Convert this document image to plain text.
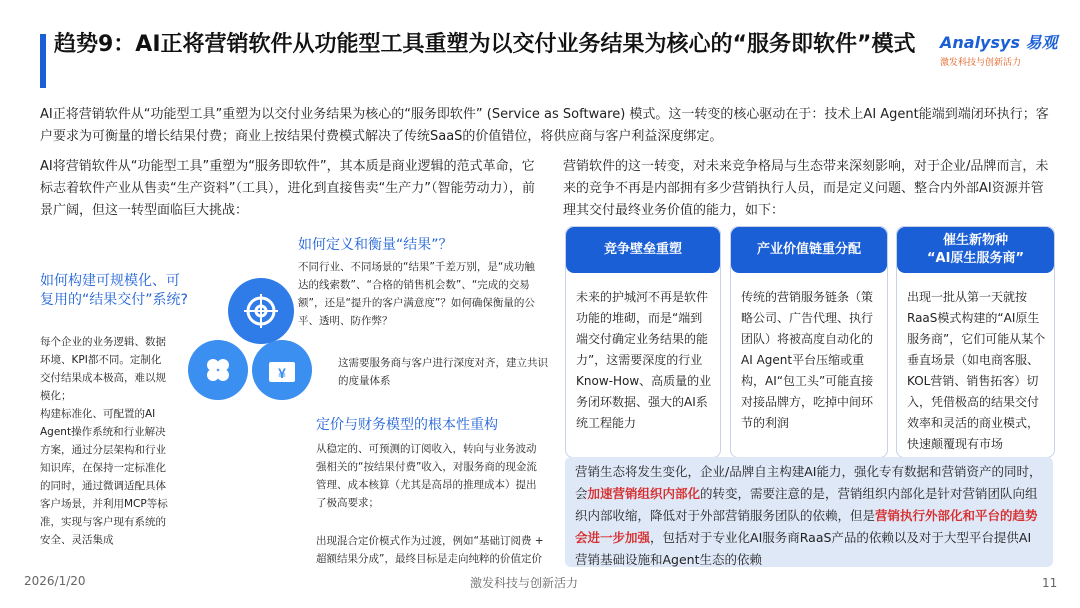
趋势9：AI正将营销软件从功能型工具重塑为以交付业务结果为核心的“服务即软件”模式	Analysys 易观
激发科技与创新活力
AI正将营销软件从“功能型工具”重塑为以交付业务结果为核心的“服务即软件” (Service as Software) 模式。这一转变的核心驱动在于：技术上AI Agent能端到端闭环执行；客户要求为可衡量的增长结果付费；商业上按结果付费模式解决了传统SaaS的价值错位，将供应商与客户利益深度绑定。
AI将营销软件从“功能型工具”重塑为“服务即软件”，其本质是商业逻辑的范式革命，它标志着软件产业从售卖“生产资料”（工具），进化到直接售卖“生产力”（智能劳动力），前景广阔，但这一转型面临巨大挑战：
如何构建可规模化、可复用的“结果交付”系统?
每个企业的业务逻辑、数据环境、KPI都不同。定制化交付结果成本极高，难以规模化；
构建标准化、可配置的AI Agent操作系统和行业解决方案，通过分层架构和行业知识库，在保持一定标准化的同时，通过微调适配具体客户场景，并利用MCP等标准，实现与客户现有系统的安全、灵活集成
¥
如何定义和衡量“结果”？
不同行业、不同场景的“结果”千差万别，是“成功触达的线索数”、“合格的销售机会数”、“完成的交易额”，还是“提升的客户满意度”？如何确保衡量的公平、透明、防作弊？
这需要服务商与客户进行深度对齐，建立共识的度量体系
定价与财务模型的根本性重构
从稳定的、可预测的订阅收入，转向与业务波动强相关的“按结果付费”收入，对服务商的现金流管理、成本核算（尤其是高昂的推理成本）提出了极高要求；
出现混合定价模式作为过渡，例如“基础订阅费 + 超额结果分成”，最终目标是走向纯粹的价值定价
营销软件的这一转变，对未来竞争格局与生态带来深刻影响，对于企业/品牌而言，未来的竞争不再是内部拥有多少营销执行人员，而是定义问题、整合内外部AI资源并管理其交付最终业务价值的能力，如下：
竞争壁垒重塑
未来的护城河不再是软件功能的堆砌，而是“端到端交付确定业务结果的能力”，这需要深度的行业Know-How、高质量的业务闭环数据、强大的AI系统工程能力
产业价值链重分配
传统的营销服务链条（策略公司、广告代理、执行团队）将被高度自动化的AI Agent平台压缩或重构，AI“包工头”可能直接对接品牌方，吃掉中间环节的利润
催生新物种
“AI原生服务商”
出现一批从第一天就按RaaS模式构建的“AI原生服务商”，它们可能从某个垂直场景（如电商客服、KOL营销、销售拓客）切入，凭借极高的结果交付效率和灵活的商业模式，快速颠覆现有市场
营销生态将发生变化，企业/品牌自主构建AI能力，强化专有数据和营销资产的同时，会加速营销组织内部化的转变，需要注意的是，营销组织内部化是针对营销团队向组织内部收缩，降低对于外部营销服务团队的依赖，但是营销执行外部化和平台的趋势会进一步加强，包括对于专业化AI服务商RaaS产品的依赖以及对于大型平台提供AI营销基础设施和Agent生态的依赖
2026/1/20	激发科技与创新活力	11
